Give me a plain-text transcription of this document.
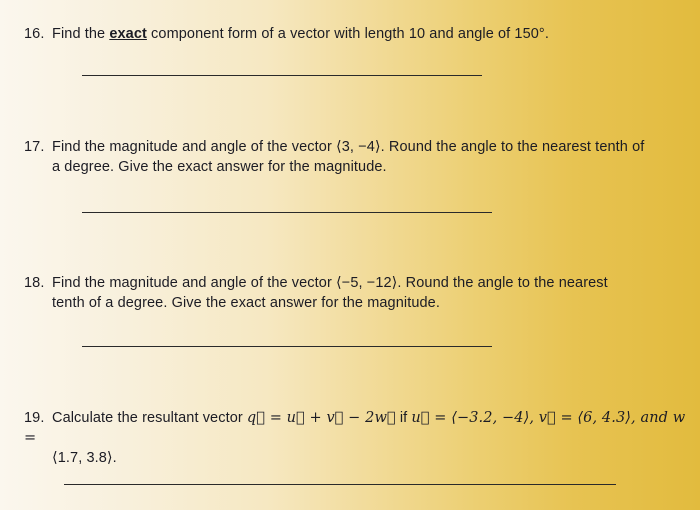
16. Find the exact component form of a vector with length 10 and angle of 150°.
17. Find the magnitude and angle of the vector ⟨3, −4⟩. Round the angle to the nearest tenth of
a degree. Give the exact answer for the magnitude.
18. Find the magnitude and angle of the vector ⟨−5, −12⟩. Round the angle to the nearest
tenth of a degree. Give the exact answer for the magnitude.
19. Calculate the resultant vector q⃗ = u⃗ + v⃗ − 2w⃗ if u⃗ = ⟨−3.2, −4⟩, v⃗ = ⟨6, 4.3⟩, and w =
⟨1.7, 3.8⟩.
